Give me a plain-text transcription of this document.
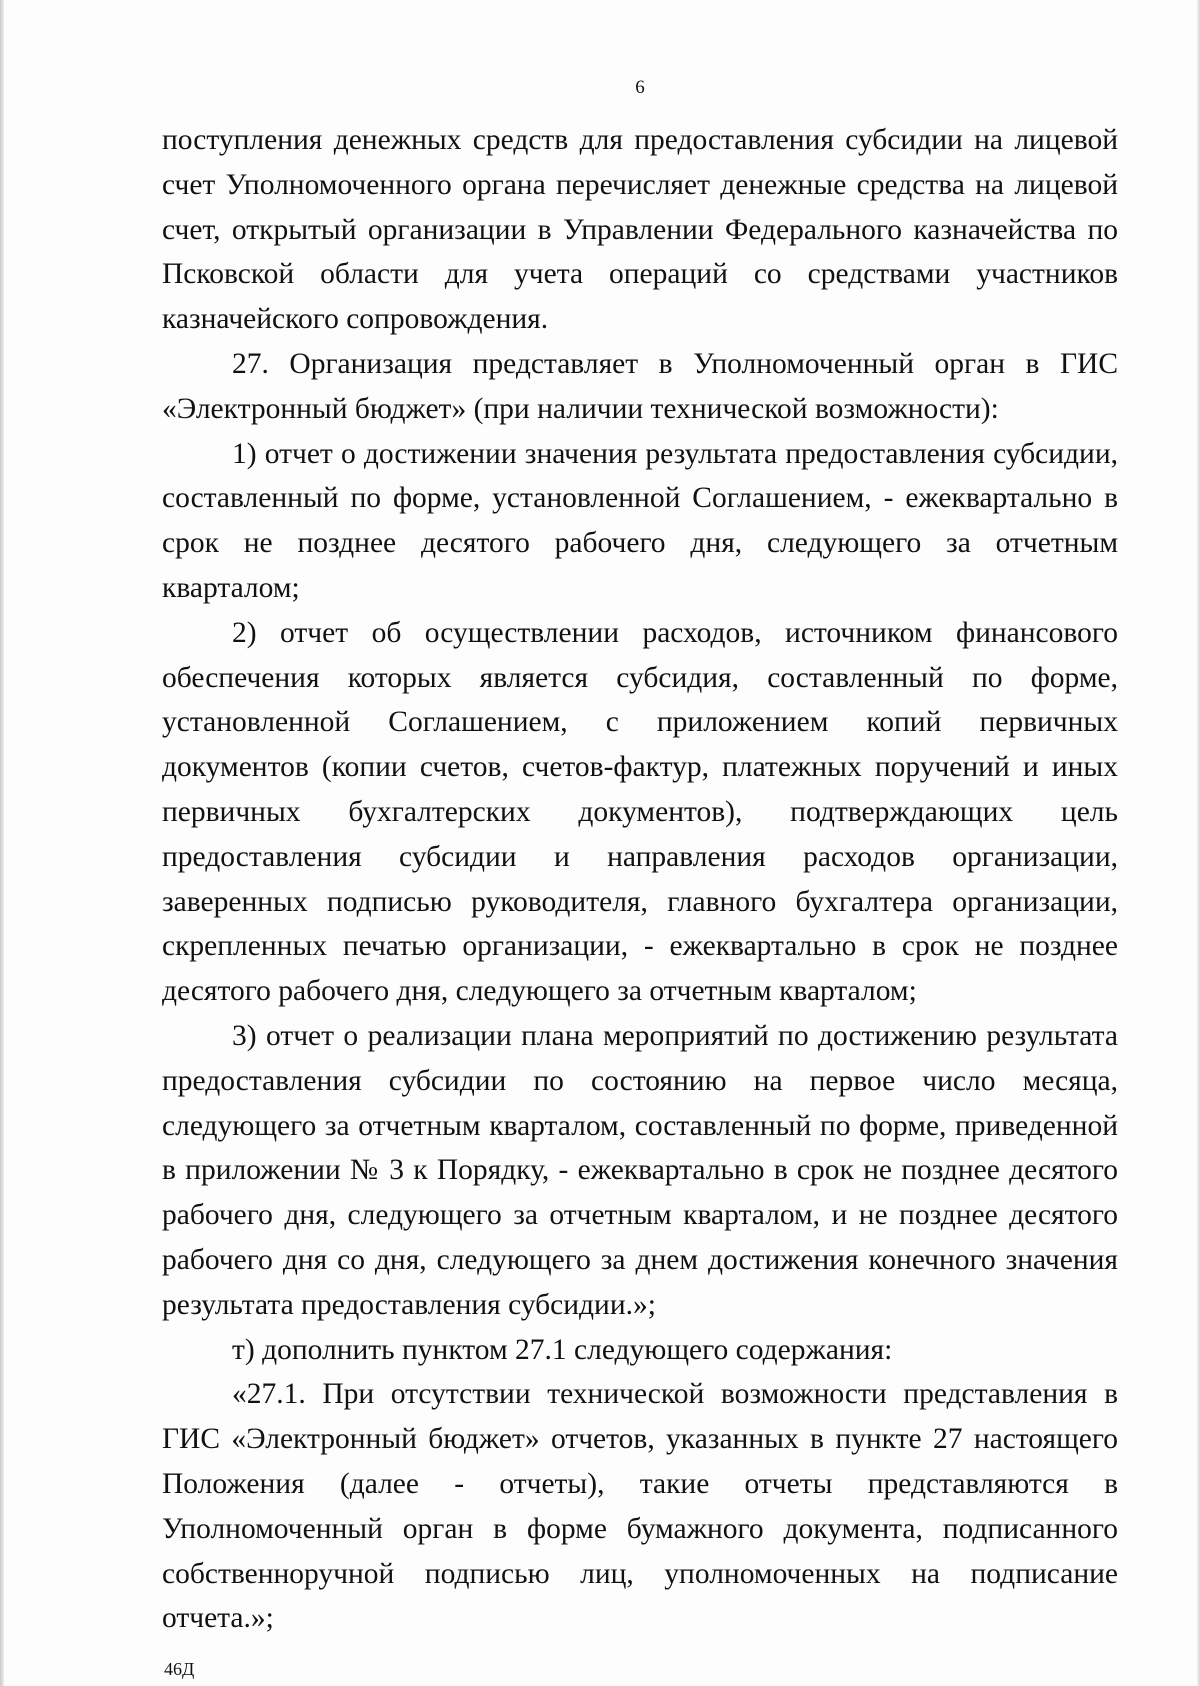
6

поступления денежных средств для предоставления субсидии на лицевой счет Уполномоченного органа перечисляет денежные средства на лицевой счет, открытый организации в Управлении Федерального казначейства по Псковской области для учета операций со средствами участников казначейского сопровождения.

27. Организация представляет в Уполномоченный орган в ГИС «Электронный бюджет» (при наличии технической возможности):

1) отчет о достижении значения результата предоставления субсидии, составленный по форме, установленной Соглашением, - ежеквартально в срок не позднее десятого рабочего дня, следующего за отчетным кварталом;

2) отчет об осуществлении расходов, источником финансового обеспечения которых является субсидия, составленный по форме, установленной Соглашением, с приложением копий первичных документов (копии счетов, счетов-фактур, платежных поручений и иных первичных бухгалтерских документов), подтверждающих цель предоставления субсидии и направления расходов организации, заверенных подписью руководителя, главного бухгалтера организации, скрепленных печатью организации, - ежеквартально в срок не позднее десятого рабочего дня, следующего за отчетным кварталом;

3) отчет о реализации плана мероприятий по достижению результата предоставления субсидии по состоянию на первое число месяца, следующего за отчетным кварталом, составленный по форме, приведенной в приложении № 3 к Порядку, - ежеквартально в срок не позднее десятого рабочего дня, следующего за отчетным кварталом, и не позднее десятого рабочего дня со дня, следующего за днем достижения конечного значения результата предоставления субсидии.»;

т) дополнить пунктом 27.1 следующего содержания:

«27.1. При отсутствии технической возможности представления в ГИС «Электронный бюджет» отчетов, указанных в пункте 27 настоящего Положения (далее - отчеты), такие отчеты представляются в Уполномоченный орган в форме бумажного документа, подписанного собственноручной подписью лиц, уполномоченных на подписание отчета.»;

46Д
